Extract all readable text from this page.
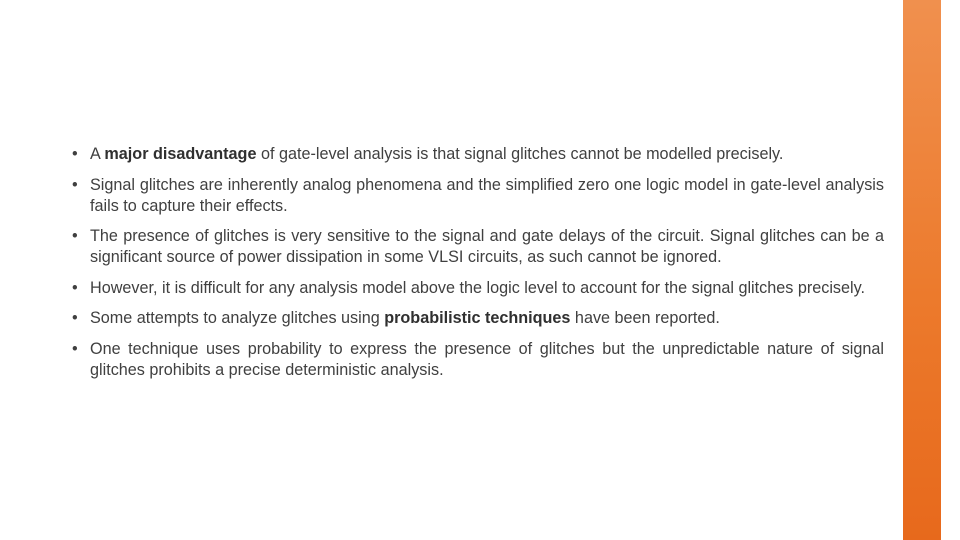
• A major disadvantage of gate-level analysis is that signal glitches cannot be modelled precisely.
• Signal glitches are inherently analog phenomena and the simplified zero one logic model in gate-level analysis fails to capture their effects.
• The presence of glitches is very sensitive to the signal and gate delays of the circuit. Signal glitches can be a significant source of power dissipation in some VLSI circuits, as such cannot be ignored.
• However, it is difficult for any analysis model above the logic level to account for the signal glitches precisely.
• Some attempts to analyze glitches using probabilistic techniques have been reported.
• One technique uses probability to express the presence of glitches but the unpredictable nature of signal glitches prohibits a precise deterministic analysis.
